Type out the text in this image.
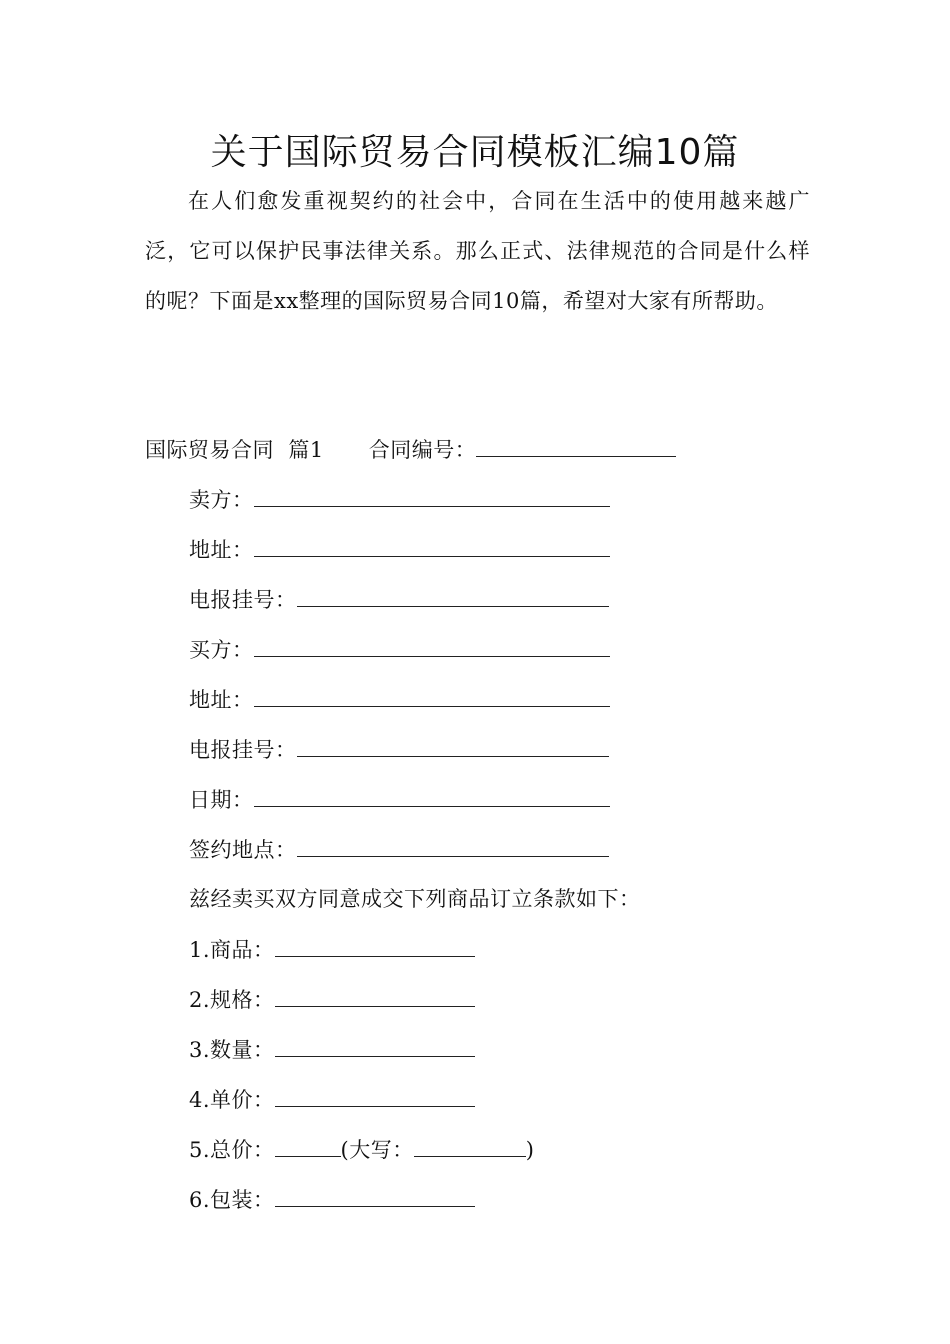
关于国际贸易合同模板汇编10篇

在人们愈发重视契约的社会中，合同在生活中的使用越来越广泛，它可以保护民事法律关系。那么正式、法律规范的合同是什么样的呢？下面是xx整理的国际贸易合同10篇，希望对大家有所帮助。

国际贸易合同  篇1 合同编号：
卖方：
地址：
电报挂号：
买方：
地址：
电报挂号：
日期：
签约地点：
兹经卖买双方同意成交下列商品订立条款如下：
1.商品：
2.规格：
3.数量：
4.单价：
5.总价：	(大写：	)
6.包装：
